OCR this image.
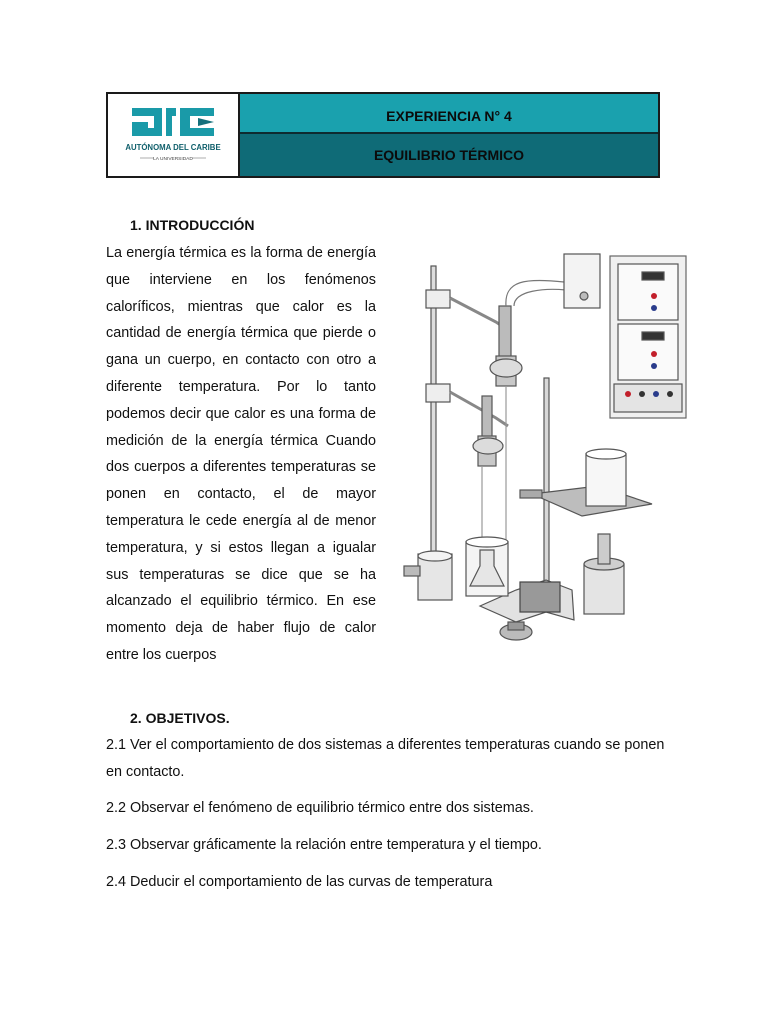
AUTÓNOMA DEL CARIBE
LA UNIVERSIDAD
EXPERIENCIA N° 4
EQUILIBRIO TÉRMICO
1. INTRODUCCIÓN

La energía térmica es la forma de energía que interviene en los fenómenos caloríficos, mientras que calor es la cantidad de energía térmica que pierde o gana un cuerpo, en contacto con otro a diferente temperatura. Por lo tanto podemos decir que calor es una forma de medición de la energía térmica Cuando dos cuerpos a diferentes temperaturas se ponen en contacto, el de mayor temperatura le cede energía al de menor temperatura, y si estos llegan a igualar sus temperaturas se dice que se ha alcanzado el equilibrio térmico. En ese momento deja de haber flujo de calor entre los cuerpos

2. OBJETIVOS.

2.1 Ver el comportamiento de dos sistemas a diferentes temperaturas cuando se ponen en contacto.

2.2 Observar el fenómeno de equilibrio térmico entre dos sistemas.

2.3 Observar gráficamente la relación entre temperatura y el tiempo.

2.4 Deducir el comportamiento de las curvas de temperatura
